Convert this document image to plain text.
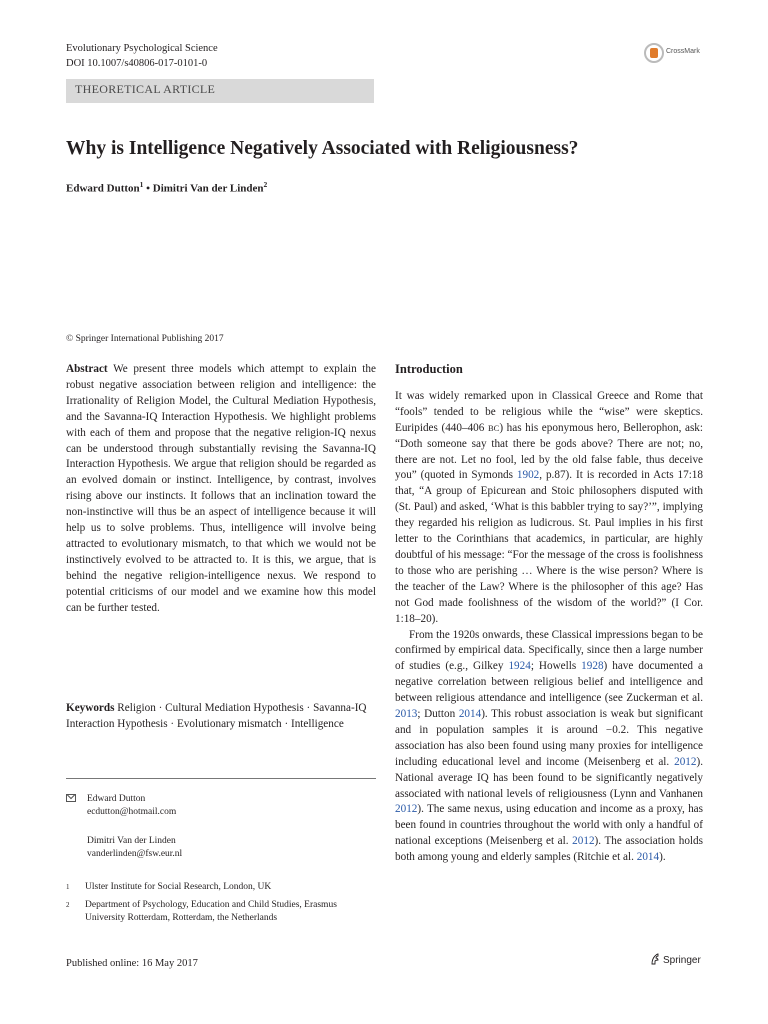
Evolutionary Psychological Science
DOI 10.1007/s40806-017-0101-0
CrossMark
THEORETICAL ARTICLE
Why is Intelligence Negatively Associated with Religiousness?
Edward Dutton$^1$ • Dimitri Van der Linden$^2$
© Springer International Publishing 2017
Abstract We present three models which attempt to explain the robust negative association between religion and intelligence: the Irrationality of Religion Model, the Cultural Mediation Hypothesis, and the Savanna-IQ Interaction Hypothesis. We highlight problems with each of them and propose that the negative religion-IQ nexus can be understood through substantially revising the Savanna-IQ Interaction Hypothesis. We argue that religion should be regarded as an evolved domain or instinct. Intelligence, by contrast, involves rising above our instincts. It follows that an inclination toward the non-instinctive will thus be an aspect of intelligence because it will help us to solve problems. Thus, intelligence will involve being attracted to evolutionary mismatch, to that which we would not be instinctively evolved to be attracted to. It is this, we argue, that is behind the negative religion-intelligence nexus. We respond to potential criticisms of our model and we examine how this model can be further tested.
Keywords Religion · Cultural Mediation Hypothesis · Savanna-IQ Interaction Hypothesis · Evolutionary mismatch · Intelligence
Edward Dutton
ecdutton@hotmail.com
Dimitri Van der Linden
vanderlinden@fsw.eur.nl
1 Ulster Institute for Social Research, London, UK
2 Department of Psychology, Education and Child Studies, Erasmus University Rotterdam, Rotterdam, the Netherlands
Introduction

It was widely remarked upon in Classical Greece and Rome that “fools” tended to be religious while the “wise” were skeptics. Euripides (440–406 BC) has his eponymous hero, Bellerophon, ask: “Doth someone say that there be gods above? There are not; no, there are not. Let no fool, led by the old false fable, thus deceive you” (quoted in Symonds 1902, p.87). It is recorded in Acts 17:18 that, “A group of Epicurean and Stoic philosophers disputed with (St. Paul) and asked, ‘What is this babbler trying to say?’”, implying they regarded his religion as ludicrous. St. Paul implies in his first letter to the Corinthians that academics, in particular, are highly doubtful of his message: “For the message of the cross is foolishness to those who are perishing … Where is the wise person? Where is the teacher of the Law? Where is the philosopher of this age? Has not God made foolishness of the wisdom of the world?” (I Cor. 1:18–20).

From the 1920s onwards, these Classical impressions began to be confirmed by empirical data. Specifically, since then a large number of studies (e.g., Gilkey 1924; Howells 1928) have documented a negative correlation between religious belief and intelligence and between religious attendance and intelligence (see Zuckerman et al. 2013; Dutton 2014). This robust association is weak but significant and in population samples it is around −0.2. This negative association has also been found using many proxies for intelligence including educational level and income (Meisenberg et al. 2012). National average IQ has been found to be significantly negatively associated with national levels of religiousness (Lynn and Vanhanen 2012). The same nexus, using education and income as a proxy, has been found in countries throughout the world with only a handful of national exceptions (Meisenberg et al. 2012). The association holds both among young and elderly samples (Ritchie et al. 2014).

Published online: 16 May 2017	Springer
